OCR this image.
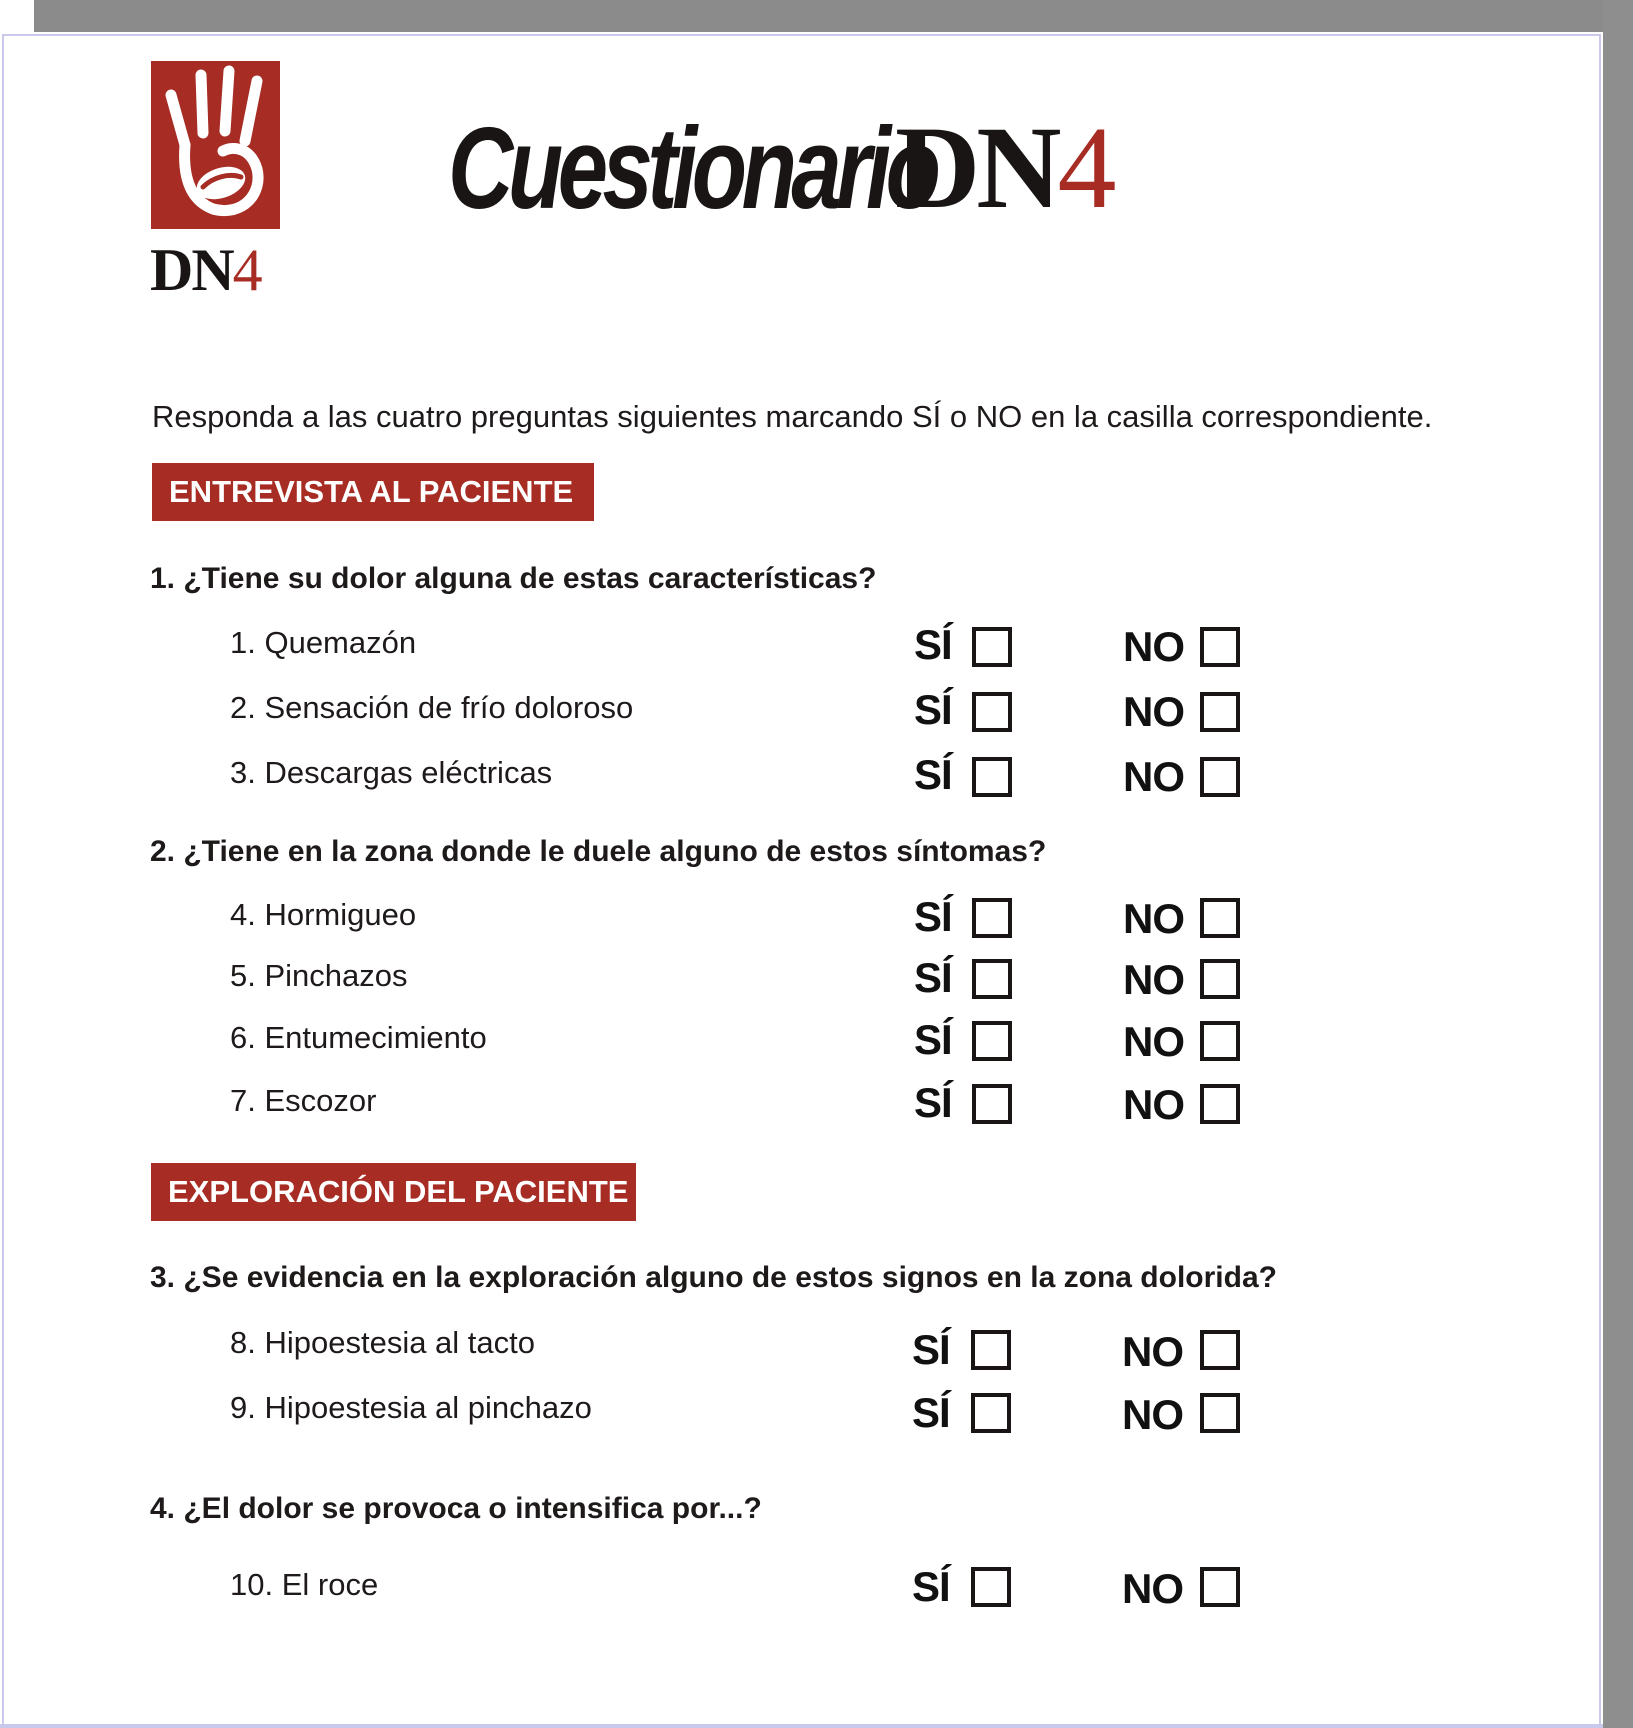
DN4
Cuestionario
DN4
Responda a las cuatro preguntas siguientes marcando SÍ o NO en la casilla correspondiente.
ENTREVISTA AL PACIENTE
1. ¿Tiene su dolor alguna de estas características?
1. Quemazón	SÍ	NO
2. Sensación de frío doloroso	SÍ	NO
3. Descargas eléctricas	SÍ	NO
2. ¿Tiene en la zona donde le duele alguno de estos síntomas?
4. Hormigueo	SÍ	NO
5. Pinchazos	SÍ	NO
6. Entumecimiento	SÍ	NO
7. Escozor	SÍ	NO
EXPLORACIÓN DEL PACIENTE
3. ¿Se evidencia en la exploración alguno de estos signos en la zona dolorida?
8. Hipoestesia al tacto	SÍ	NO
9. Hipoestesia al pinchazo	SÍ	NO
4. ¿El dolor se provoca o intensifica por...?
10. El roce	SÍ	NO
